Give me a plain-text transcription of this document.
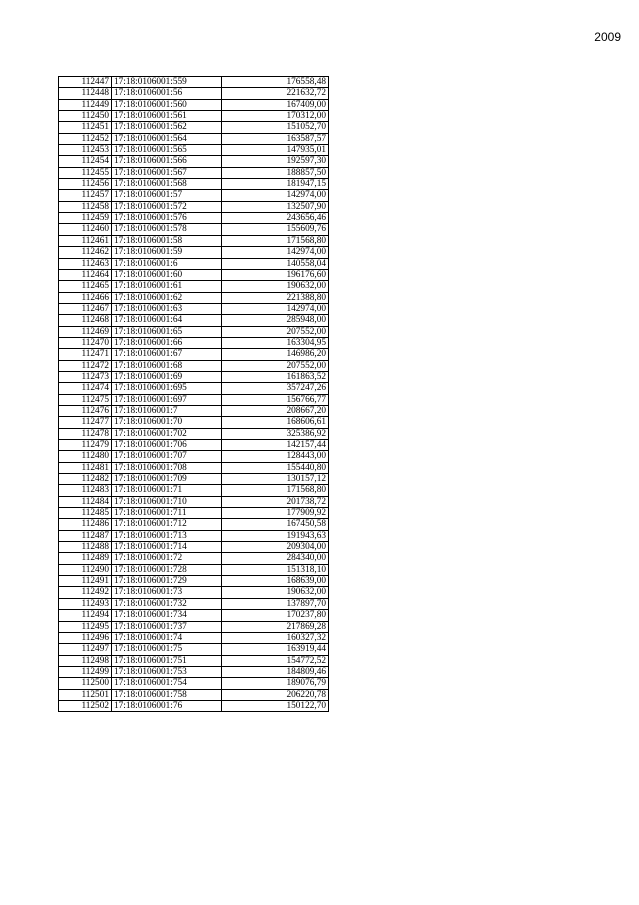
2009
112447	17:18:0106001:559	176558,48
112448	17:18:0106001:56	221632,72
112449	17:18:0106001:560	167409,00
112450	17:18:0106001:561	170312,00
112451	17:18:0106001:562	151052,70
112452	17:18:0106001:564	163587,57
112453	17:18:0106001:565	147935,01
112454	17:18:0106001:566	192597,30
112455	17:18:0106001:567	188857,50
112456	17:18:0106001:568	181947,15
112457	17:18:0106001:57	142974,00
112458	17:18:0106001:572	132507,90
112459	17:18:0106001:576	243656,46
112460	17:18:0106001:578	155609,76
112461	17:18:0106001:58	171568,80
112462	17:18:0106001:59	142974,00
112463	17:18:0106001:6	140558,04
112464	17:18:0106001:60	196176,60
112465	17:18:0106001:61	190632,00
112466	17:18:0106001:62	221388,80
112467	17:18:0106001:63	142974,00
112468	17:18:0106001:64	285948,00
112469	17:18:0106001:65	207552,00
112470	17:18:0106001:66	163304,95
112471	17:18:0106001:67	146986,20
112472	17:18:0106001:68	207552,00
112473	17:18:0106001:69	161863,52
112474	17:18:0106001:695	357247,26
112475	17:18:0106001:697	156766,77
112476	17:18:0106001:7	208667,20
112477	17:18:0106001:70	168606,61
112478	17:18:0106001:702	325386,92
112479	17:18:0106001:706	142157,44
112480	17:18:0106001:707	128443,00
112481	17:18:0106001:708	155440,80
112482	17:18:0106001:709	130157,12
112483	17:18:0106001:71	171568,80
112484	17:18:0106001:710	201738,72
112485	17:18:0106001:711	177909,92
112486	17:18:0106001:712	167450,58
112487	17:18:0106001:713	191943,63
112488	17:18:0106001:714	209304,00
112489	17:18:0106001:72	284340,00
112490	17:18:0106001:728	151318,10
112491	17:18:0106001:729	168639,00
112492	17:18:0106001:73	190632,00
112493	17:18:0106001:732	137897,70
112494	17:18:0106001:734	170237,80
112495	17:18:0106001:737	217869,28
112496	17:18:0106001:74	160327,32
112497	17:18:0106001:75	163919,44
112498	17:18:0106001:751	154772,52
112499	17:18:0106001:753	184809,46
112500	17:18:0106001:754	189076,79
112501	17:18:0106001:758	206220,78
112502	17:18:0106001:76	150122,70
